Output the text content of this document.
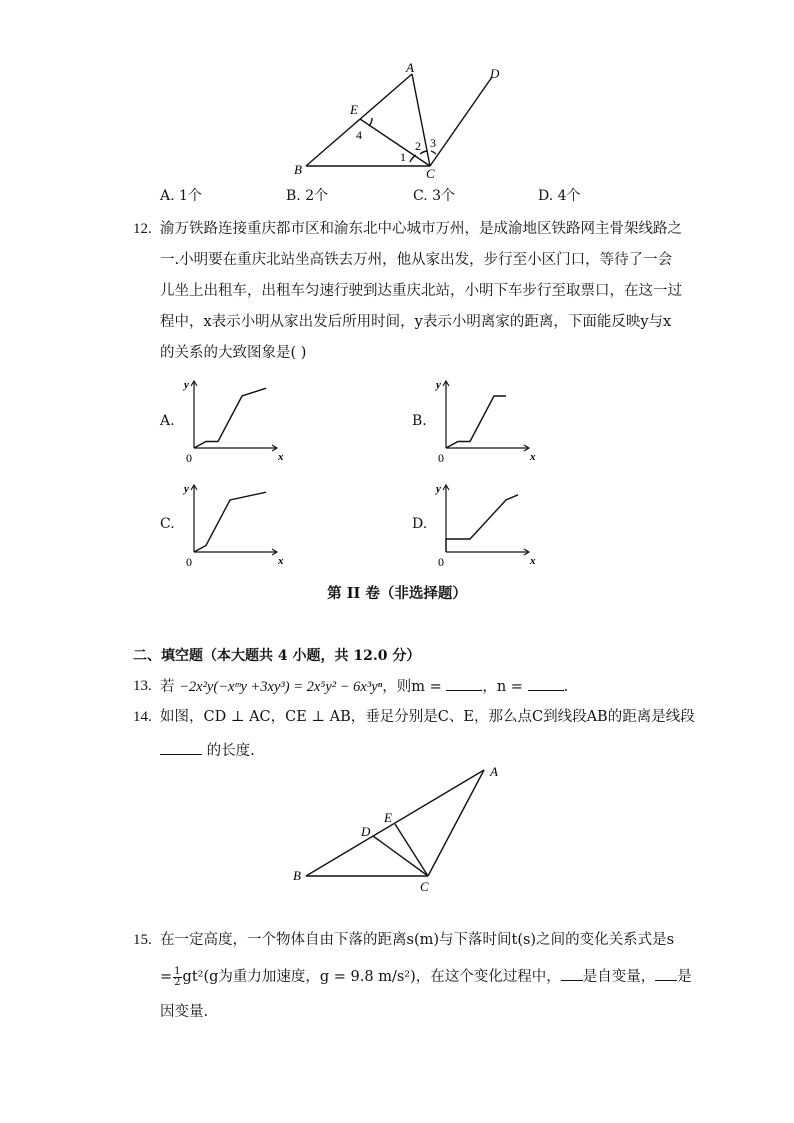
A	D
E
B	C
1
2 3
4
A. 1个	B. 2个	C. 3个	D. 4个
12. 渝万铁路连接重庆都市区和渝东北中心城市万州，是成渝地区铁路网主骨架线路之
一.小明要在重庆北站坐高铁去万州，他从家出发，步行至小区门口，等待了一会
儿坐上出租车，出租车匀速行驶到达重庆北站，小明下车步行至取票口，在这一过
程中，x表示小明从家出发后所用时间，y表示小明离家的距离，下面能反映y与x
的关系的大致图象是( )
A.	B.
C.	D.
x
y
0	x
y
0
x
y
0	x
y
0
第 II 卷（非选择题）
二、填空题（本大题共 4 小题，共 12.0 分）
13. 若 −2x²y(−xᵐy +3xy³) = 2x⁵y² − 6x³yⁿ，则m =	，n =	.
14. 如图，CD ⊥ AC，CE ⊥ AB，垂足分别是C、E，那么点C到线段AB的距离是线段
的长度.
A
E
D
B
C
15. 在一定高度，一个物体自由下落的距离s(m)与下落时间t(s)之间的变化关系式是s
= $\frac{1}{2} gt^2(g$为重力加速度，g = 9.8 m/s²)，在这个变化过程中， 是自变量， 是
因变量.
